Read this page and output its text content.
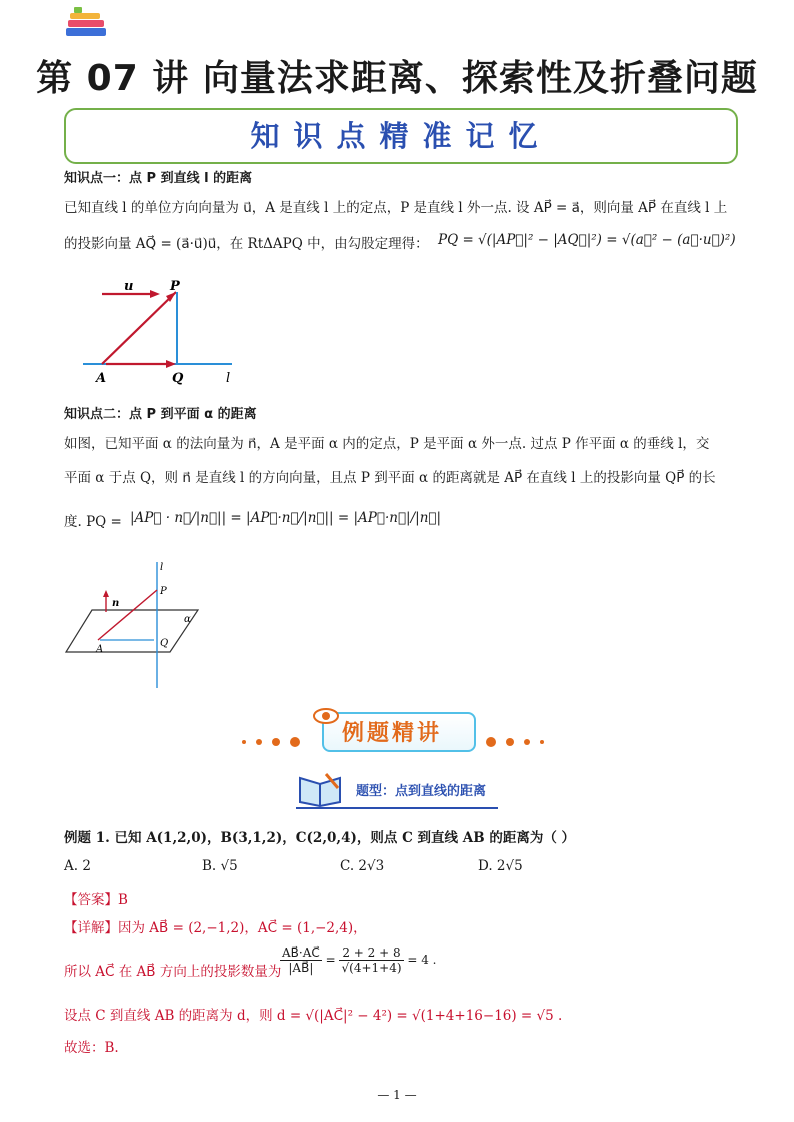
第 07 讲 向量法求距离、探索性及折叠问题
知识点精准记忆
知识点一：点 P 到直线 l 的距离
已知直线 l 的单位方向向量为 u⃗，A 是直线 l 上的定点，P 是直线 l 外一点. 设 AP⃗ = a⃗，则向量 AP⃗ 在直线 l 上
的投影向量 AQ⃗ = (a⃗·u⃗)u⃗，在 RtΔAPQ 中，由勾股定理得： PQ = √(|AP⃗|² − |AQ⃗|²) = √(a⃗² − (a⃗·u⃗)²)
u	P
A	Q	l
知识点二：点 P 到平面 α 的距离
如图，已知平面 α 的法向量为 n⃗，A 是平面 α 内的定点，P 是平面 α 外一点. 过点 P 作平面 α 的垂线 l，交
平面 α 于点 Q，则 n⃗ 是直线 l 的方向向量，且点 P 到平面 α 的距离就是 AP⃗ 在直线 l 上的投影向量 QP⃗ 的长
度. PQ = |AP⃗ · n⃗/|n⃗|| = |AP⃗·n⃗/|n⃗|| = |AP⃗·n⃗|/|n⃗|
l
P
n
α
Q
A
例题精讲
题型：点到直线的距离
例题 1. 已知 A(1,2,0)，B(3,1,2)，C(2,0,4)，则点 C 到直线 AB 的距离为（ ）
A. 2	B. √5	C. 2√3	D. 2√5
【答案】B
【详解】因为 AB⃗ = (2,−1,2)，AC⃗ = (1,−2,4)，
所以 AC⃗ 在 AB⃗ 方向上的投影数量为
$\frac{AB⃗\cdot AC⃗}{|AB⃗|} = \frac{2 + 2 + 8}{√(4+1+4)} = 4$ .
设点 C 到直线 AB 的距离为 d，则 d = √(|AC⃗|² − 4²) = √(1+4+16−16) = √5 .
故选：B.
— 1 —
